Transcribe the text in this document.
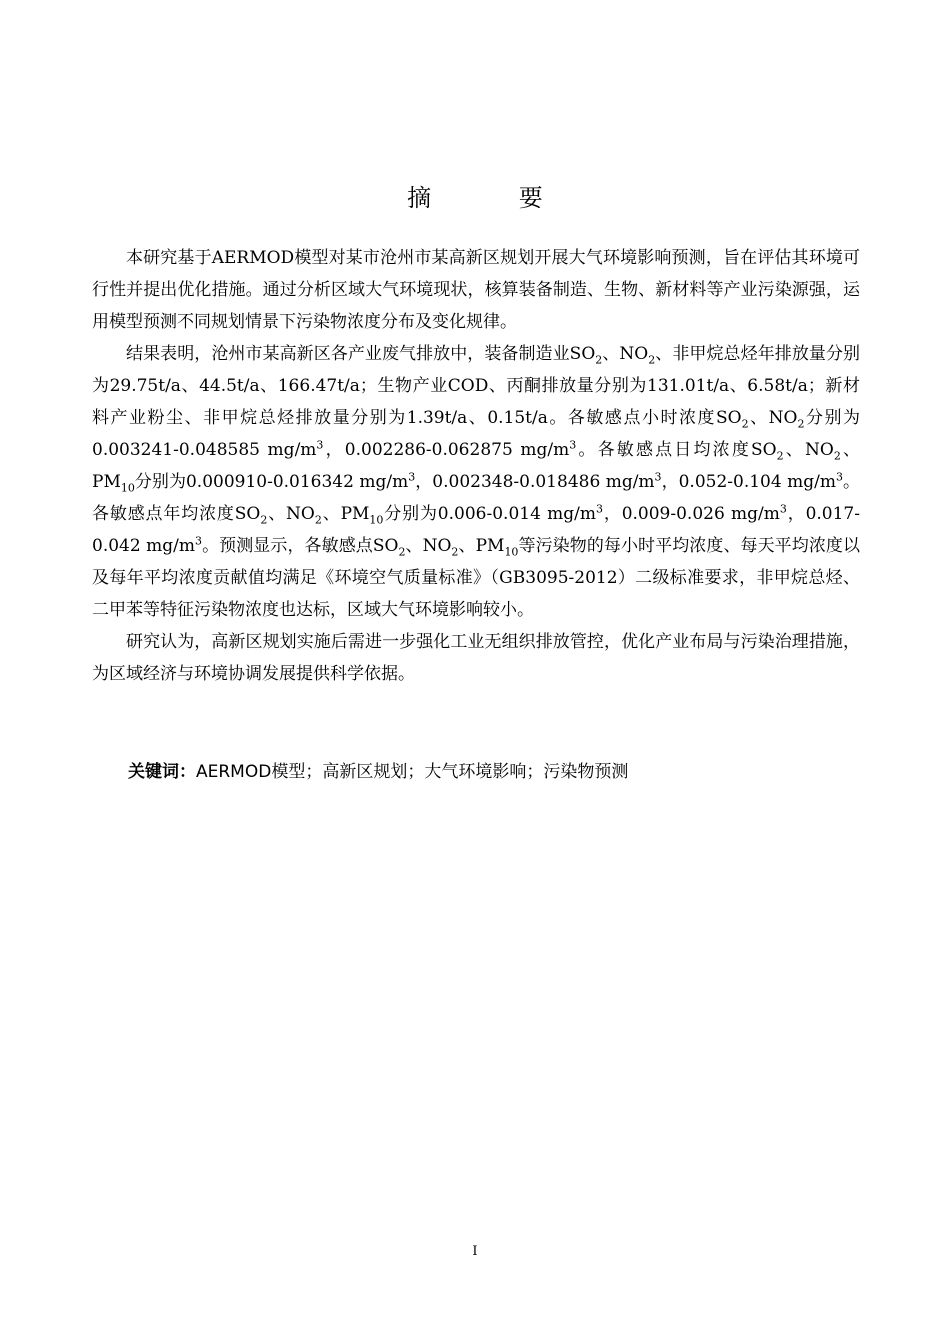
摘 要

本研究基于AERMOD模型对某市沧州市某高新区规划开展大气环境影响预测，旨在评估其环境可行性并提出优化措施。通过分析区域大气环境现状，核算装备制造、生物、新材料等产业污染源强，运用模型预测不同规划情景下污染物浓度分布及变化规律。

结果表明，沧州市某高新区各产业废气排放中，装备制造业$SO_2$、$NO_2$、非甲烷总烃年排放量分别为29.75t/a、44.5t/a、166.47t/a；生物产业COD、丙酮排放量分别为131.01t/a、6.58t/a；新材料产业粉尘、非甲烷总烃排放量分别为1.39t/a、0.15t/a。各敏感点小时浓度$SO_2$、$NO_2$分别为0.003241-0.048585 $mg/m^3$，0.002286-0.062875 $mg/m^3$。各敏感点日均浓度$SO_2$、$NO_2$、$PM_{10}$分别为0.000910-0.016342 $mg/m^3$，0.002348-0.018486 $mg/m^3$，0.052-0.104 $mg/m^3$。各敏感点年均浓度$SO_2$、$NO_2$、$PM_{10}$分别为0.006-0.014 $mg/m^3$，0.009-0.026 $mg/m^3$，0.017-0.042 $mg/m^3$。预测显示，各敏感点$SO_2$、$NO_2$、$PM_{10}$等污染物的每小时平均浓度、每天平均浓度以及每年平均浓度贡献值均满足《环境空气质量标准》（GB3095-2012）二级标准要求，非甲烷总烃、二甲苯等特征污染物浓度也达标，区域大气环境影响较小。

研究认为，高新区规划实施后需进一步强化工业无组织排放管控，优化产业布局与污染治理措施，为区域经济与环境协调发展提供科学依据。

关键词：AERMOD模型；高新区规划；大气环境影响；污染物预测
I
